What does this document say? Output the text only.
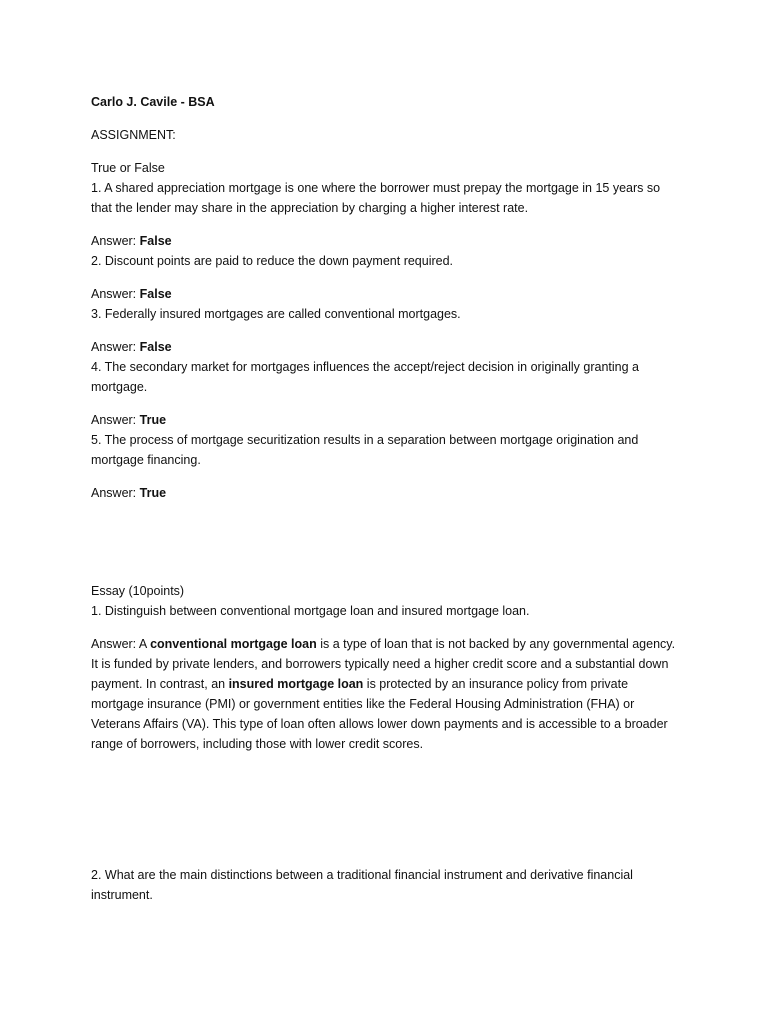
Carlo J. Cavile - BSA
ASSIGNMENT:
True or False
1. A shared appreciation mortgage is one where the borrower must prepay the mortgage in 15 years so that the lender may share in the appreciation by charging a higher interest rate.
Answer: False
2. Discount points are paid to reduce the down payment required.
Answer: False
3. Federally insured mortgages are called conventional mortgages.
Answer: False
4. The secondary market for mortgages influences the accept/reject decision in originally granting a mortgage.
Answer: True
5. The process of mortgage securitization results in a separation between mortgage origination and mortgage financing.
Answer: True
Essay (10points)
1. Distinguish between conventional mortgage loan and insured mortgage loan.
Answer: A conventional mortgage loan is a type of loan that is not backed by any governmental agency. It is funded by private lenders, and borrowers typically need a higher credit score and a substantial down payment. In contrast, an insured mortgage loan is protected by an insurance policy from private mortgage insurance (PMI) or government entities like the Federal Housing Administration (FHA) or Veterans Affairs (VA). This type of loan often allows lower down payments and is accessible to a broader range of borrowers, including those with lower credit scores.
2. What are the main distinctions between a traditional financial instrument and derivative financial instrument.
